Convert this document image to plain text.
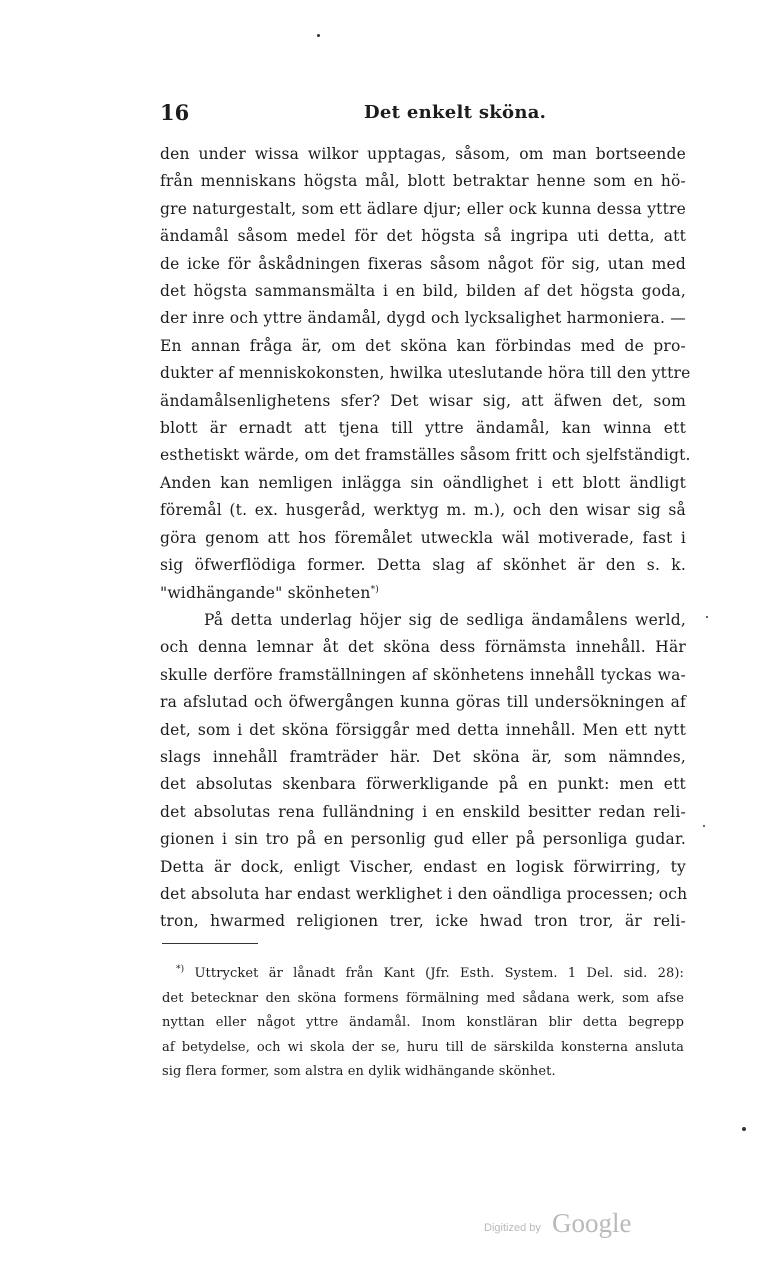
16	Det enkelt sköna.
den under wissa wilkor upptagas, såsom, om man bortseende
från menniskans högsta mål, blott betraktar henne som en hö-
gre naturgestalt, som ett ädlare djur; eller ock kunna dessa yttre
ändamål såsom medel för det högsta så ingripa uti detta, att
de icke för åskådningen fixeras såsom något för sig, utan med
det högsta sammansmälta i en bild, bilden af det högsta goda,
der inre och yttre ändamål, dygd och lycksalighet harmoniera. —
En annan fråga är, om det sköna kan förbindas med de pro-
dukter af menniskokonsten, hwilka uteslutande höra till den yttre
ändamålsenlighetens sfer? Det wisar sig, att äfwen det, som
blott är ernadt att tjena till yttre ändamål, kan winna ett
esthetiskt wärde, om det framställes såsom fritt och sjelfständigt.
Anden kan nemligen inlägga sin oändlighet i ett blott ändligt
föremål (t. ex. husgeråd, werktyg m. m.), och den wisar sig så
göra genom att hos föremålet utweckla wäl motiverade, fast i
sig öfwerflödiga former. Detta slag af skönhet är den s. k.
"widhängande" skönheten*)
På detta underlag höjer sig de sedliga ändamålens werld,
och denna lemnar åt det sköna dess förnämsta innehåll. Här
skulle derföre framställningen af skönhetens innehåll tyckas wa-
ra afslutad och öfwergången kunna göras till undersökningen af
det, som i det sköna försiggår med detta innehåll. Men ett nytt
slags innehåll framträder här. Det sköna är, som nämndes,
det absolutas skenbara förwerkligande på en punkt: men ett
det absolutas rena fulländning i en enskild besitter redan reli-
gionen i sin tro på en personlig gud eller på personliga gudar.
Detta är dock, enligt Vischer, endast en logisk förwirring, ty
det absoluta har endast werklighet i den oändliga processen; och
tron, hwarmed religionen trer, icke hwad tron tror, är reli-
*) Uttrycket är lånadt från Kant (Jfr. Esth. System. 1 Del. sid. 28):
det betecknar den sköna formens förmälning med sådana werk, som afse
nyttan eller något yttre ändamål. Inom konstläran blir detta begrepp
af betydelse, och wi skola der se, huru till de särskilda konsterna ansluta
sig flera former, som alstra en dylik widhängande skönhet.
Digitized by Google
